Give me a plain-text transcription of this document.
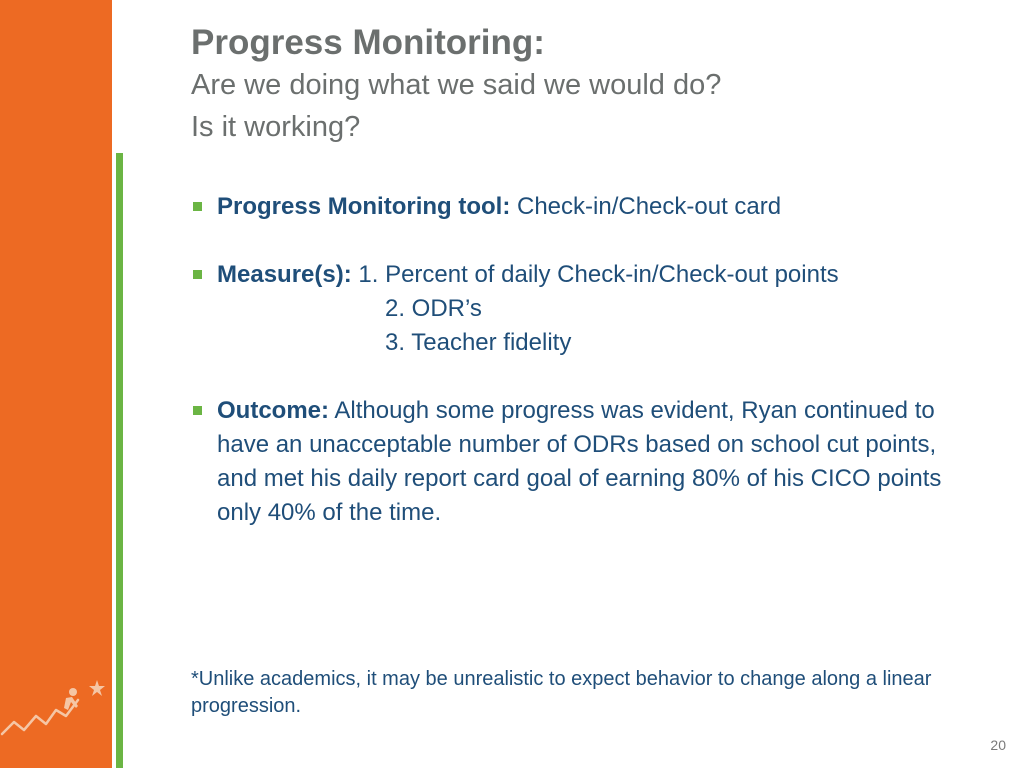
Progress Monitoring:
Are we doing what we said we would do?
Is it working?
Progress Monitoring tool: Check-in/Check-out card
Measure(s): 1. Percent of daily Check-in/Check-out points
2. ODR’s
3. Teacher fidelity
Outcome: Although some progress was evident, Ryan continued to have an unacceptable number of ODRs based on school cut points, and met his daily report card goal of earning 80% of his CICO points only 40% of the time.
*Unlike academics, it may be unrealistic to expect behavior to change along a linear progression.
20
